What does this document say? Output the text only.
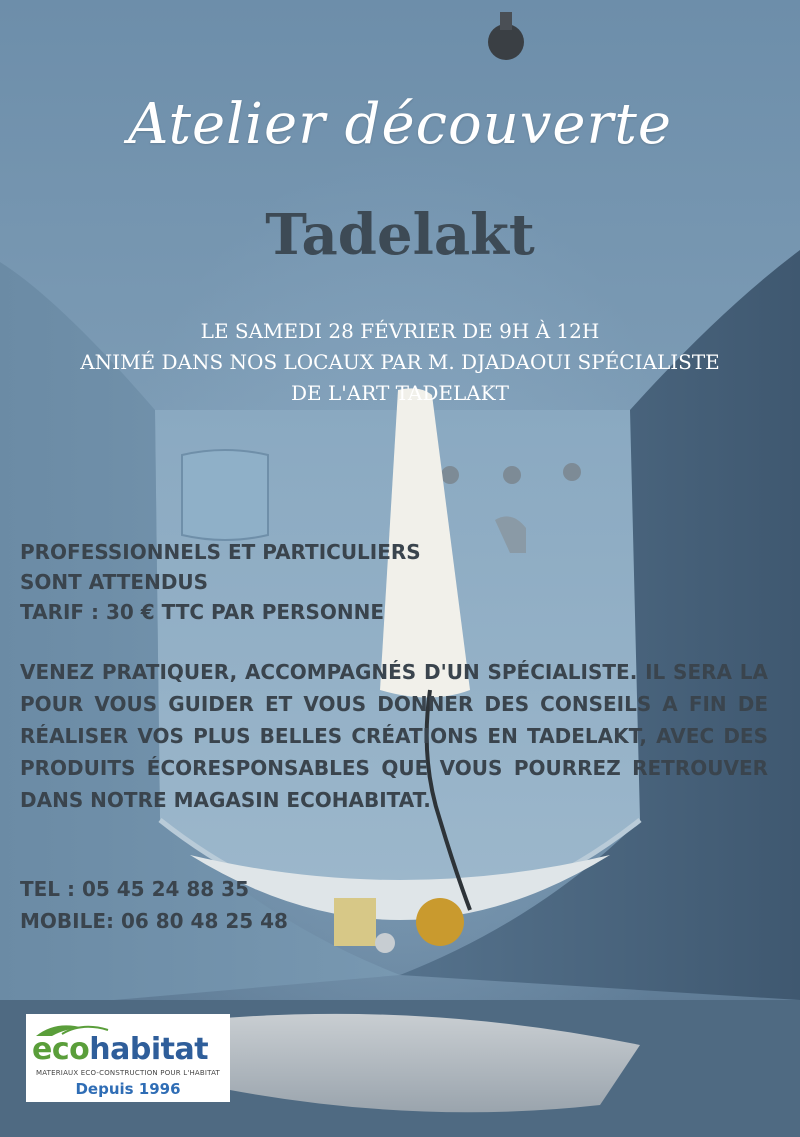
Atelier découverte
Tadelakt
LE SAMEDI 28 FÉVRIER DE 9H À 12H
ANIMÉ DANS NOS LOCAUX PAR M. DJADAOUI SPÉCIALISTE
DE L'ART TADELAKT
PROFESSIONNELS ET PARTICULIERS
SONT ATTENDUS
TARIF : 30 € TTC PAR PERSONNE
VENEZ PRATIQUER, ACCOMPAGNÉS D'UN SPÉCIALISTE. IL SERA LA POUR VOUS GUIDER ET VOUS DONNER DES CONSEILS A FIN DE RÉALISER VOS PLUS BELLES CRÉATIONS EN TADELAKT, AVEC DES PRODUITS ÉCORESPONSABLES QUE VOUS POURREZ RETROUVER DANS NOTRE MAGASIN ECOHABITAT.
TEL : 05 45 24 88 35
MOBILE: 06 80 48 25 48
ecohabitat
MATERIAUX ECO-CONSTRUCTION POUR L'HABITAT
Depuis 1996
